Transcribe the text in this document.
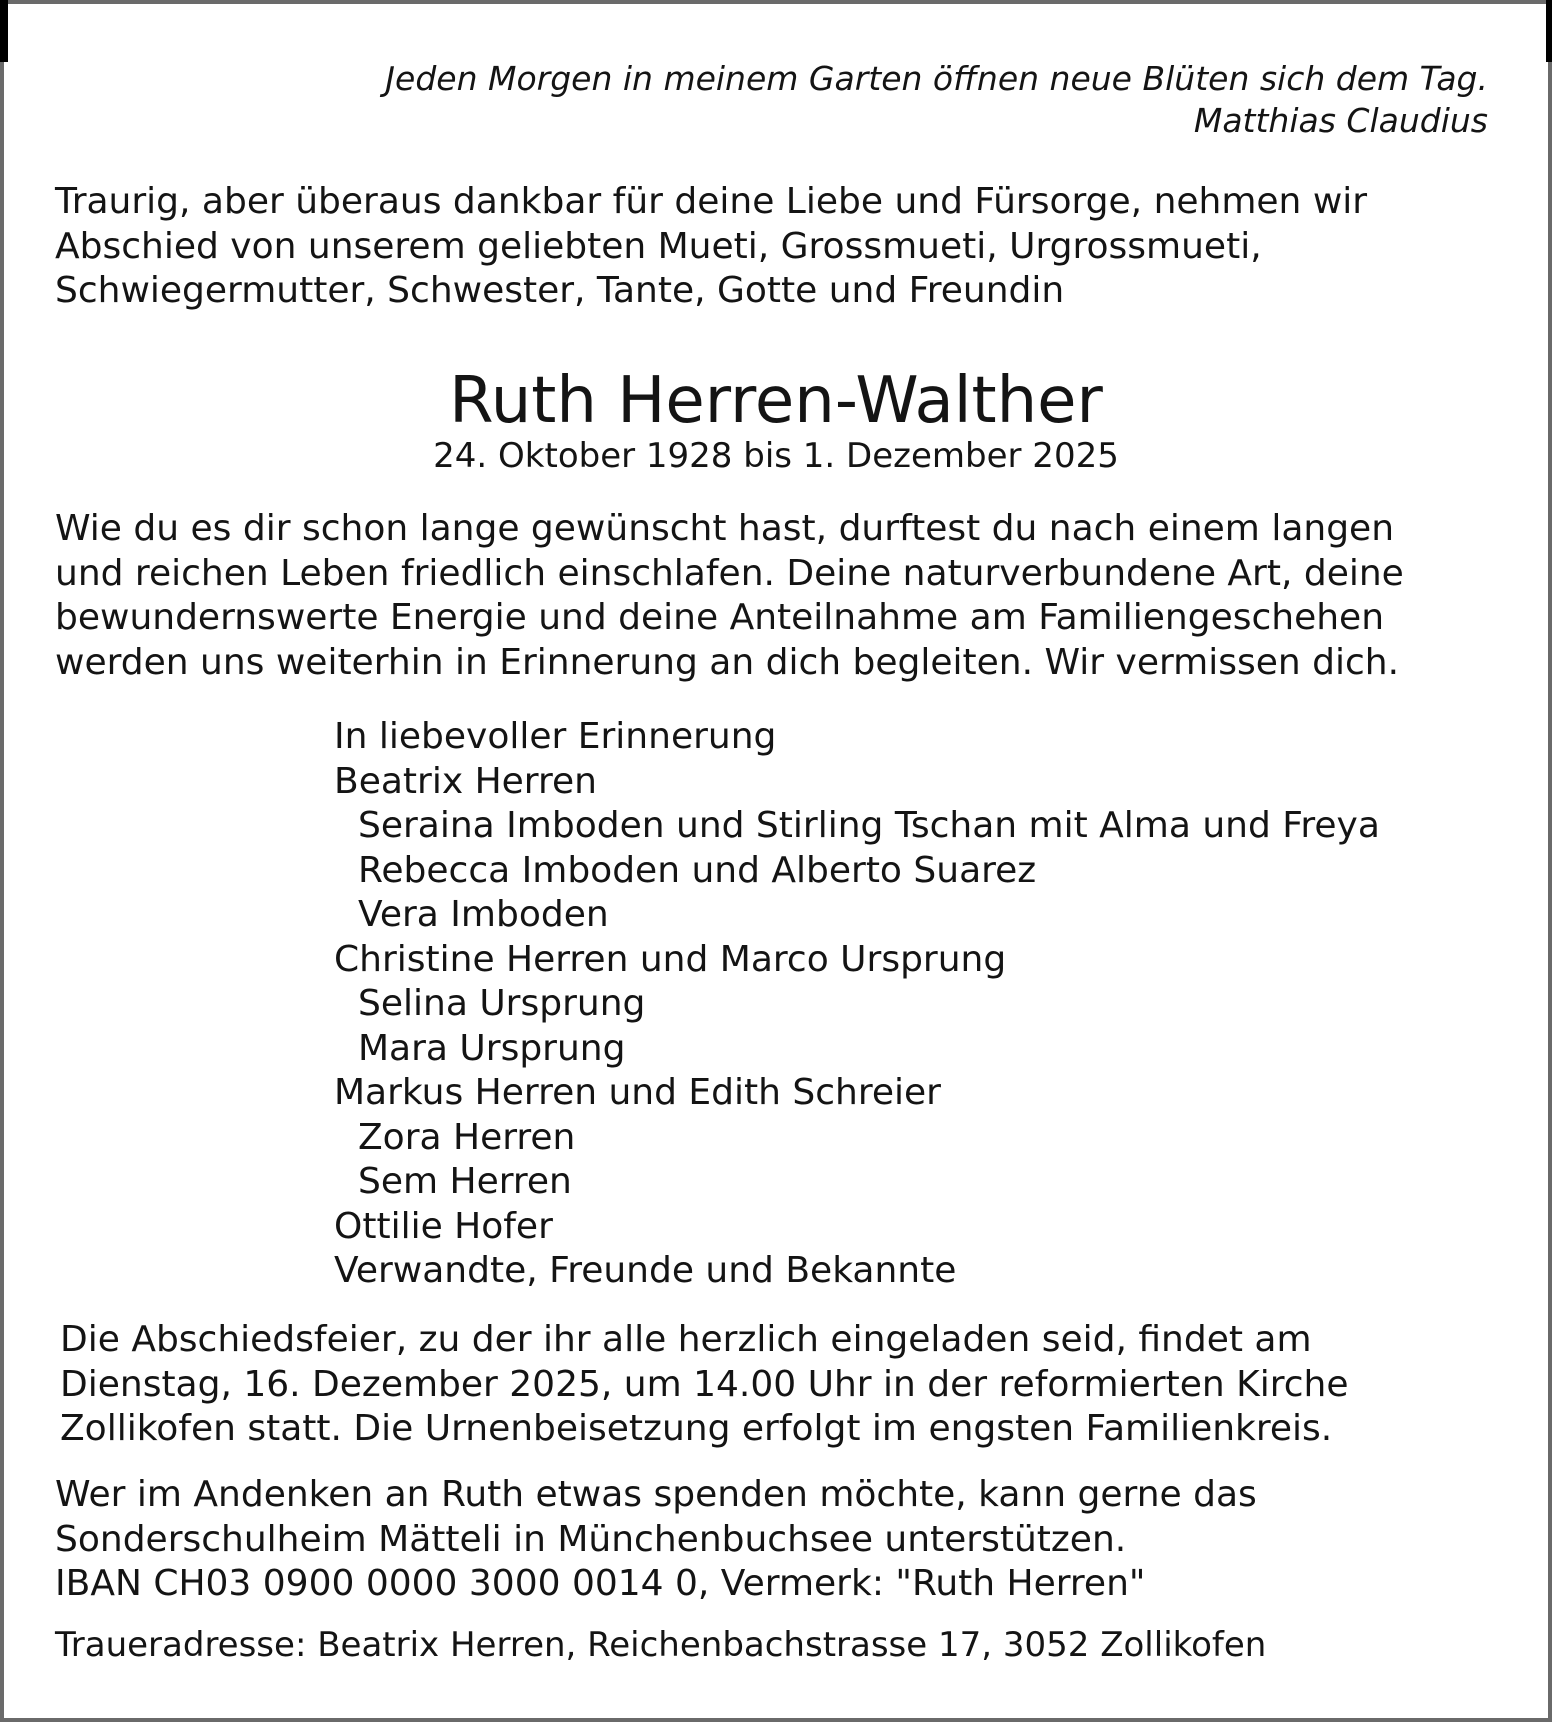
Jeden Morgen in meinem Garten öffnen neue Blüten sich dem Tag.
Matthias Claudius
Traurig, aber überaus dankbar für deine Liebe und Fürsorge, nehmen wir
Abschied von unserem geliebten Mueti, Grossmueti, Urgrossmueti,
Schwiegermutter, Schwester, Tante, Gotte und Freundin
Ruth Herren-Walther
24. Oktober 1928 bis 1. Dezember 2025
Wie du es dir schon lange gewünscht hast, durftest du nach einem langen
und reichen Leben friedlich einschlafen. Deine naturverbundene Art, deine
bewundernswerte Energie und deine Anteilnahme am Familiengeschehen
werden uns weiterhin in Erinnerung an dich begleiten. Wir vermissen dich.
In liebevoller Erinnerung
Beatrix Herren
Seraina Imboden und Stirling Tschan mit Alma und Freya
Rebecca Imboden und Alberto Suarez
Vera Imboden
Christine Herren und Marco Ursprung
Selina Ursprung
Mara Ursprung
Markus Herren und Edith Schreier
Zora Herren
Sem Herren
Ottilie Hofer
Verwandte, Freunde und Bekannte
Die Abschiedsfeier, zu der ihr alle herzlich eingeladen seid, findet am
Dienstag, 16. Dezember 2025, um 14.00 Uhr in der reformierten Kirche
Zollikofen statt. Die Urnenbeisetzung erfolgt im engsten Familienkreis.
Wer im Andenken an Ruth etwas spenden möchte, kann gerne das
Sonderschulheim Mätteli in Münchenbuchsee unterstützen.
IBAN CH03 0900 0000 3000 0014 0, Vermerk: "Ruth Herren"
Traueradresse: Beatrix Herren, Reichenbachstrasse 17, 3052 Zollikofen
